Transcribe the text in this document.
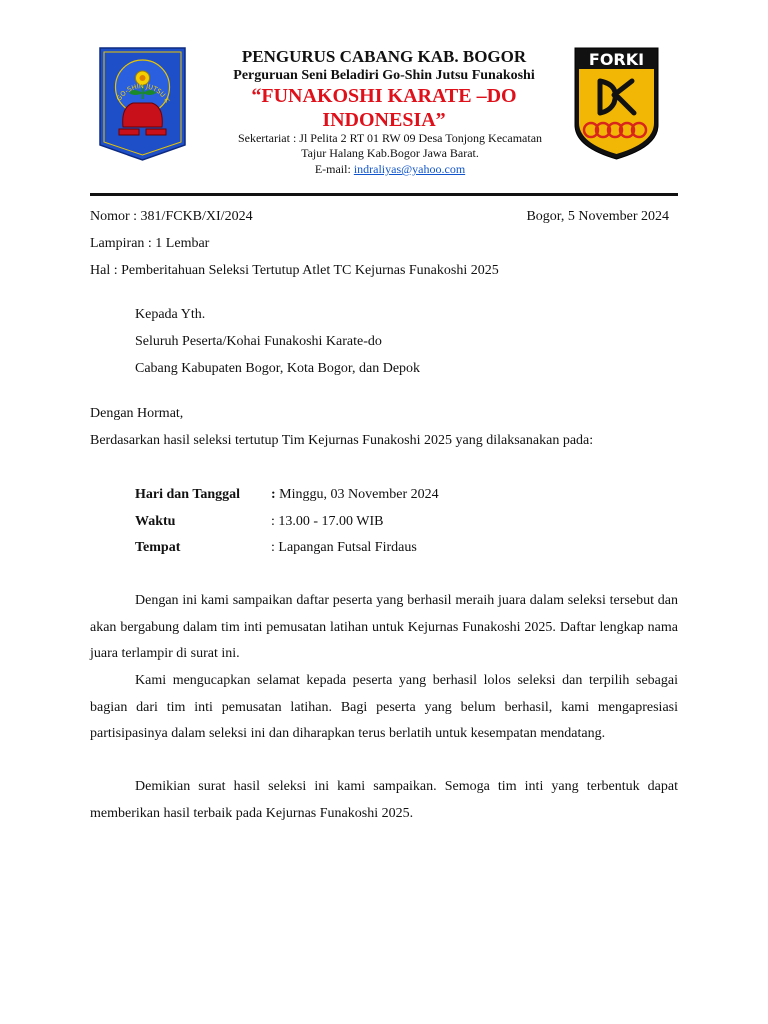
GO-SHIN JUTSU K
FORKI
PENGURUS CABANG KAB. BOGOR
Perguruan Seni Beladiri Go-Shin Jutsu Funakoshi
“FUNAKOSHI KARATE –DO
INDONESIA”
Sekertariat : Jl Pelita 2 RT 01 RW 09 Desa Tonjong Kecamatan
Tajur Halang Kab.Bogor Jawa Barat.
E-mail: indraliyas@yahoo.com
Nomor : 381/FCKB/XI/2024	Bogor, 5 November 2024
Lampiran : 1 Lembar
Hal : Pemberitahuan Seleksi Tertutup Atlet TC Kejurnas Funakoshi 2025
Kepada Yth.
Seluruh Peserta/Kohai Funakoshi Karate-do
Cabang Kabupaten Bogor, Kota Bogor, dan Depok
Dengan Hormat,
Berdasarkan hasil seleksi tertutup Tim Kejurnas Funakoshi 2025 yang dilaksanakan pada:
Hari dan Tanggal : Minggu, 03 November 2024
Waktu	: 13.00 - 17.00 WIB
Tempat	: Lapangan Futsal Firdaus
Dengan ini kami sampaikan daftar peserta yang berhasil meraih juara dalam seleksi tersebut dan akan bergabung dalam tim inti pemusatan latihan untuk Kejurnas Funakoshi 2025. Daftar lengkap nama juara terlampir di surat ini.
Kami mengucapkan selamat kepada peserta yang berhasil lolos seleksi dan terpilih sebagai bagian dari tim inti pemusatan latihan. Bagi peserta yang belum berhasil, kami mengapresiasi partisipasinya dalam seleksi ini dan diharapkan terus berlatih untuk kesempatan mendatang.
Demikian surat hasil seleksi ini kami sampaikan. Semoga tim inti yang terbentuk dapat memberikan hasil terbaik pada Kejurnas Funakoshi 2025.
